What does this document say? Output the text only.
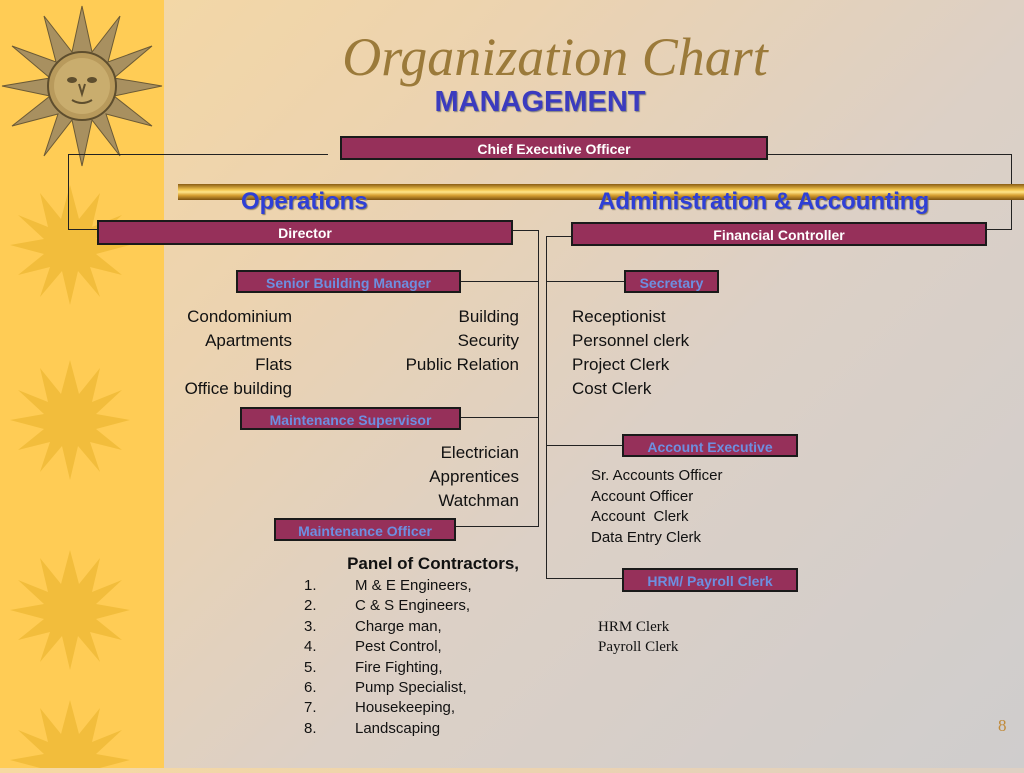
Organization Chart
MANAGEMENT
Chief Executive Officer
Operations	Administration & Accounting
Director	Financial Controller
Senior Building Manager	Secretary
Condominium
Apartments
Flats
Office building
Building
Security
Public Relation
Receptionist
Personnel clerk
Project Clerk
Cost Clerk
Maintenance Supervisor
Electrician
Apprentices
Watchman
Account Executive
Sr. Accounts Officer
Account Officer
Account  Clerk
Data Entry Clerk
Maintenance Officer
Panel of Contractors,
1.	M & E Engineers,
2.	C & S Engineers,
3.	Charge man,
4.	Pest Control,
5.	Fire Fighting,
6.	Pump Specialist,
7.	Housekeeping,
8.	Landscaping
HRM/ Payroll Clerk
HRM Clerk
Payroll Clerk
8
